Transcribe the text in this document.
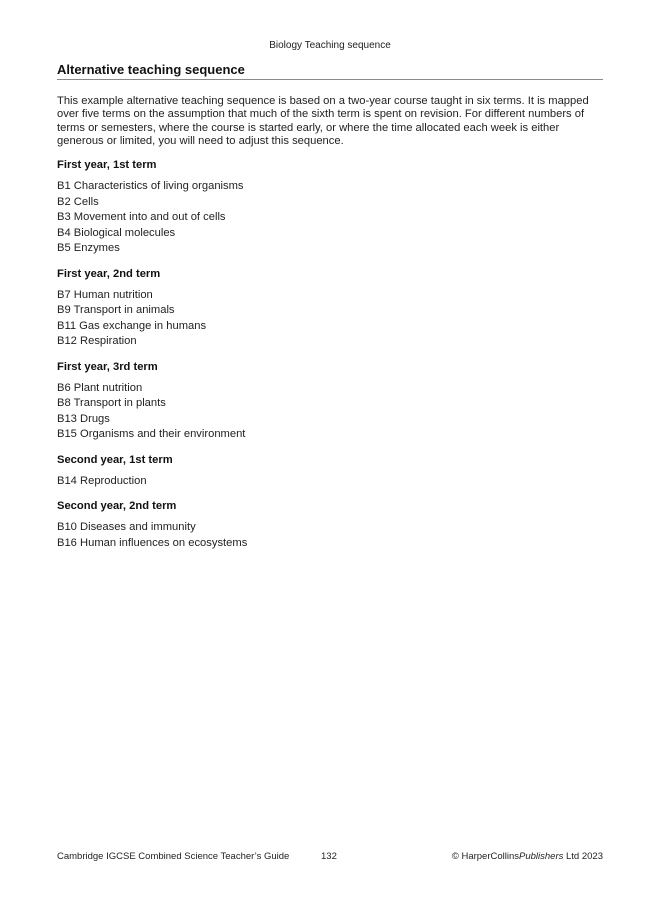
Biology Teaching sequence
Alternative teaching sequence

This example alternative teaching sequence is based on a two-year course taught in six terms. It is mapped over five terms on the assumption that much of the sixth term is spent on revision. For different numbers of terms or semesters, where the course is started early, or where the time allocated each week is either generous or limited, you will need to adjust this sequence.

First year, 1st term
B1 Characteristics of living organisms
B2 Cells
B3 Movement into and out of cells
B4 Biological molecules
B5 Enzymes
First year, 2nd term
B7 Human nutrition
B9 Transport in animals
B11 Gas exchange in humans
B12 Respiration
First year, 3rd term
B6 Plant nutrition
B8 Transport in plants
B13 Drugs
B15 Organisms and their environment
Second year, 1st term
B14 Reproduction
Second year, 2nd term
B10 Diseases and immunity
B16 Human influences on ecosystems
Cambridge IGCSE Combined Science Teacher’s Guide	132	© HarperCollinsPublishers Ltd 2023
